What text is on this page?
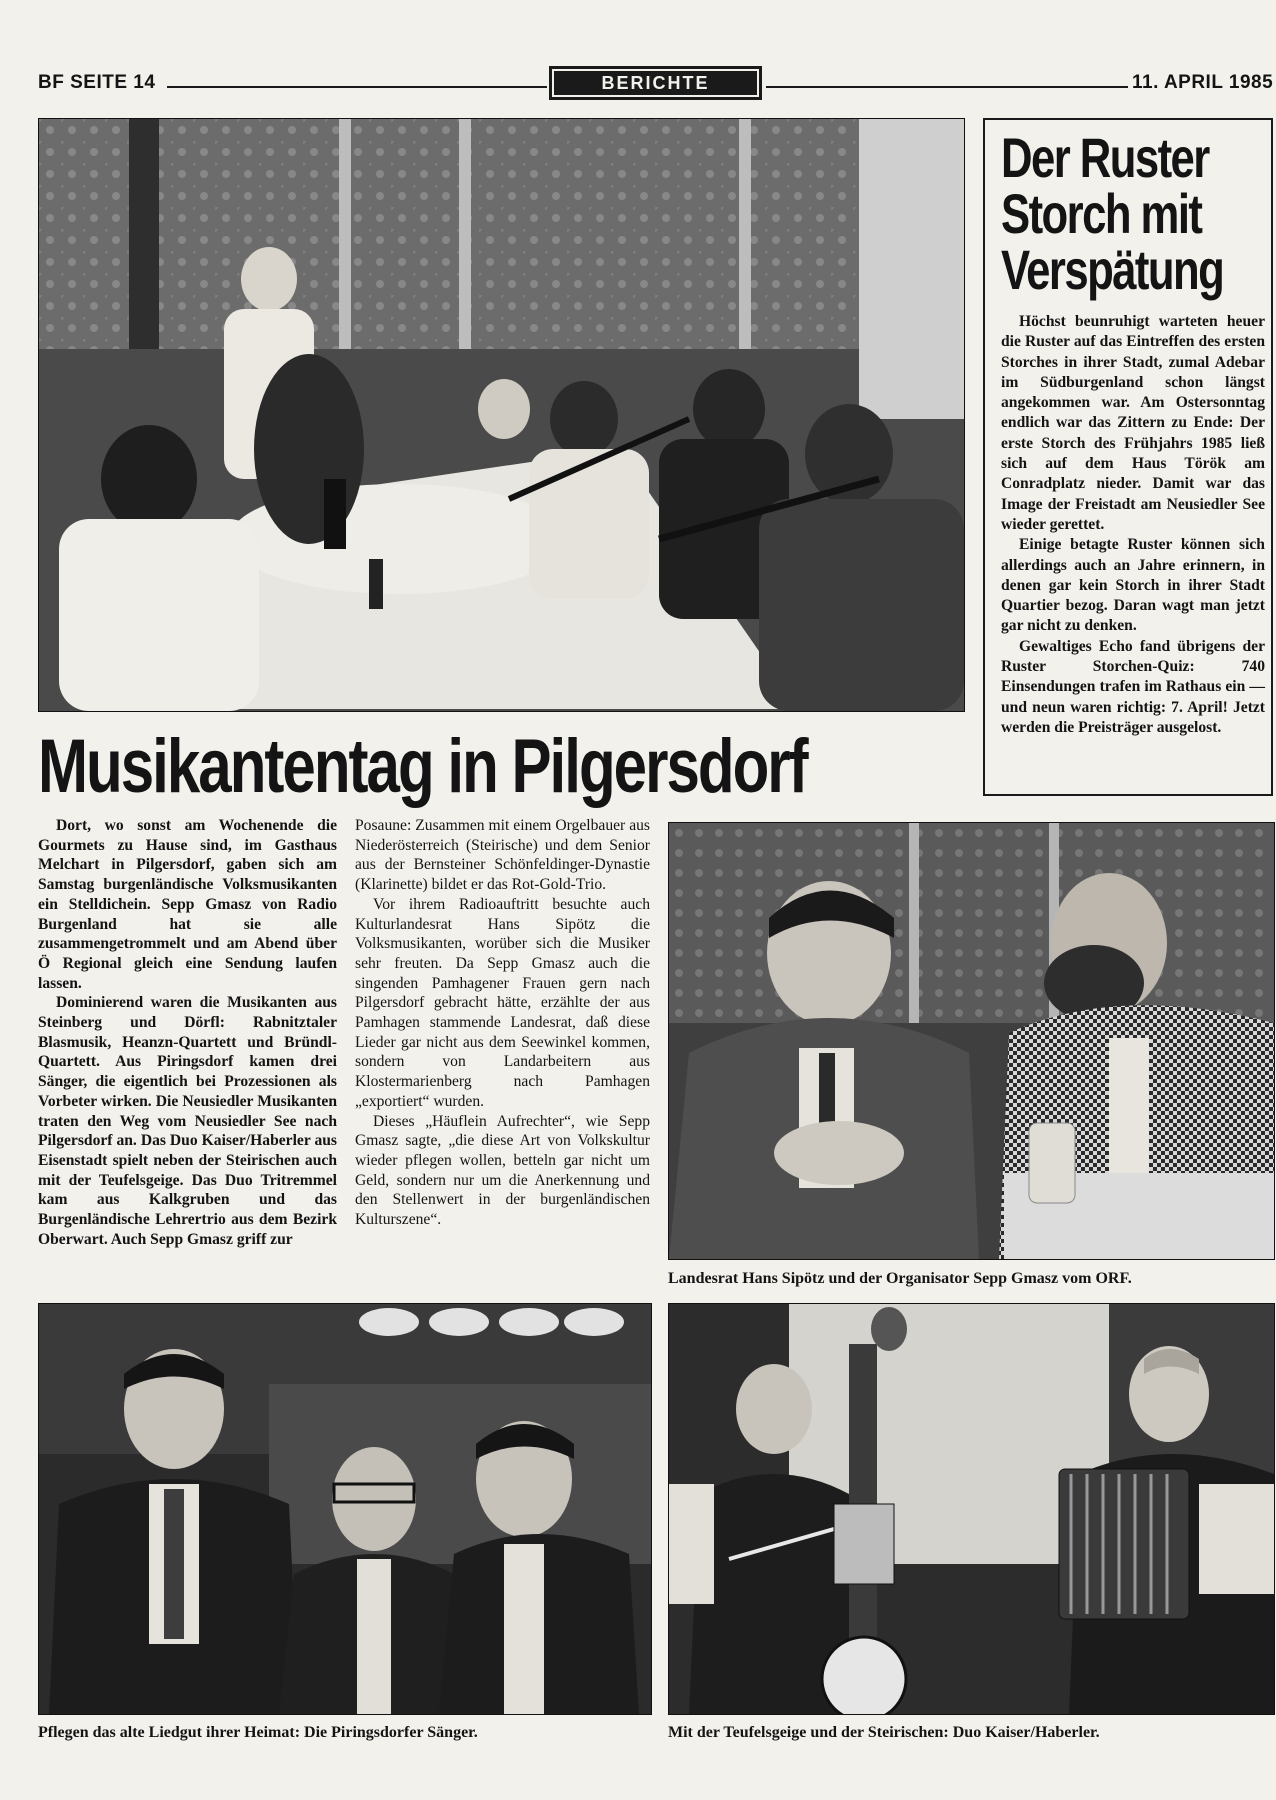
BF SEITE 14	BERICHTE	11. APRIL 1985
Der Ruster
Storch mit
Verspätung

Höchst beunruhigt warteten heuer die Ruster auf das Eintreffen des ersten Storches in ihrer Stadt, zumal Adebar im Südburgenland schon längst angekommen war. Am Ostersonntag endlich war das Zittern zu Ende: Der erste Storch des Frühjahrs 1985 ließ sich auf dem Haus Török am Conradplatz nieder. Damit war das Image der Freistadt am Neusiedler See wieder gerettet.

Einige betagte Ruster können sich allerdings auch an Jahre erinnern, in denen gar kein Storch in ihrer Stadt Quartier bezog. Daran wagt man jetzt gar nicht zu denken.

Gewaltiges Echo fand übrigens der Ruster Storchen-Quiz: 740 Einsendungen trafen im Rathaus ein — und neun waren richtig: 7. April! Jetzt werden die Preisträger ausgelost.

Musikantentag in Pilgersdorf

Dort, wo sonst am Wochenende die Gourmets zu Hause sind, im Gasthaus Melchart in Pilgersdorf, gaben sich am Samstag burgenländische Volksmusikanten ein Stelldichein. Sepp Gmasz von Radio Burgenland hat sie alle zusammengetrommelt und am Abend über Ö Regional gleich eine Sendung laufen lassen.

Dominierend waren die Musikanten aus Steinberg und Dörfl: Rabnitztaler Blasmusik, Heanzn-Quartett und Bründl-Quartett. Aus Piringsdorf kamen drei Sänger, die eigentlich bei Prozessionen als Vorbeter wirken. Die Neusiedler Musikanten traten den Weg vom Neusiedler See nach Pilgersdorf an. Das Duo Kaiser/Haberler aus Eisenstadt spielt neben der Steirischen auch mit der Teufelsgeige. Das Duo Tritremmel kam aus Kalkgruben und das Burgenländische Lehrertrio aus dem Bezirk Oberwart. Auch Sepp Gmasz griff zur

Posaune: Zusammen mit einem Orgelbauer aus Niederösterreich (Steirische) und dem Senior aus der Bernsteiner Schönfeldinger-Dynastie (Klarinette) bildet er das Rot-Gold-Trio.

Vor ihrem Radioauftritt besuchte auch Kulturlandesrat Hans Sipötz die Volksmusikanten, worüber sich die Musiker sehr freuten. Da Sepp Gmasz auch die singenden Pamhagener Frauen gern nach Pilgersdorf gebracht hätte, erzählte der aus Pamhagen stammende Landesrat, daß diese Lieder gar nicht aus dem Seewinkel kommen, sondern von Landarbeitern aus Klostermarienberg nach Pamhagen „exportiert“ wurden.

Dieses „Häuflein Aufrechter“, wie Sepp Gmasz sagte, „die diese Art von Volkskultur wieder pflegen wollen, betteln gar nicht um Geld, sondern nur um die Anerkennung und den Stellenwert in der burgenländischen Kulturszene“.

Landesrat Hans Sipötz und der Organisator Sepp Gmasz vom ORF.
Pflegen das alte Liedgut ihrer Heimat: Die Piringsdorfer Sänger.	Mit der Teufelsgeige und der Steirischen: Duo Kaiser/Haberler.
